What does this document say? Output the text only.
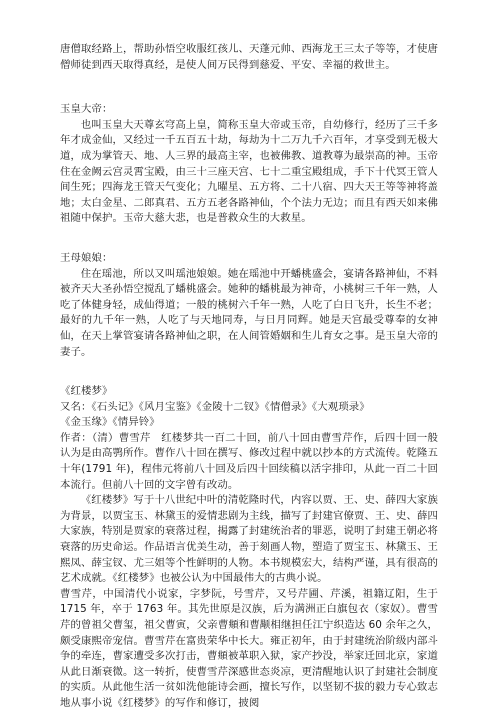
唐僧取经路上，帮助孙悟空收服红孩儿、天蓬元帅、西海龙王三太子等等，才使唐僧师徒到西天取得真经，是使人间万民得到慈爱、平安、幸福的救世主。

玉皇大帝：

也叫玉皇大天尊玄穹高上皇，简称玉皇大帝或玉帝，自幼修行，经历了三千多年才成金仙，又经过一千五百五十劫，每劫为十二万九千六百年，才享受到无极大道，成为掌管天、地、人三界的最高主宰，也被佛教、道教尊为最崇高的神。玉帝住在金阙云宫灵霄宝殿，由三十三座天宫、七十二重宝殿组成，手下十代冥王管人间生死；四海龙王管天气变化；九曜星、五方将、二十八宿、四大天王等等神将盖地；太白金星、二郎真君、五方五老各路神仙，个个法力无边；而且有西天如来佛祖随中保护。玉帝大慈大悲，也是普救众生的大救星。

王母娘娘：

住在瑶池，所以又叫瑶池娘娘。她在瑶池中开蟠桃盛会，宴请各路神仙，不料被齐天大圣孙悟空搅乱了蟠桃盛会。她种的蟠桃最为神奇，小桃树三千年一熟，人吃了体健身轻，成仙得道；一般的桃树六千年一熟，人吃了白日飞升，长生不老；最好的九千年一熟，人吃了与天地同寿，与日月同辉。她是天宫最受尊奉的女神仙，在天上掌管宴请各路神仙之职，在人间管婚姻和生儿育女之事。是玉皇大帝的妻子。

《红楼梦》

又名：《石头记》《风月宝鉴》《金陵十二钗》《情僧录》《大观琐录》

《金玉缘》《情异铃》

作者：（清）曹雪芹　红楼梦共一百二十回，前八十回由曹雪芹作，后四十回一般认为是由高鹗所作。曹作八十回在撰写、修改过程中就以抄本的方式流传。乾隆五十年(1791 年)，程伟元将前八十回及后四十回续稿以活字排印，从此一百二十回本流行。但前八十回的文字曾有改动。

《红楼梦》写于十八世纪中叶的清乾隆时代，内容以贾、王、史、薛四大家族为背景，以贾宝玉、林黛玉的爱情悲剧为主线，描写了封建官僚贾、王、史、薛四大家族，特别是贾家的衰落过程，揭露了封建统治者的罪恶，说明了封建王朝必将衰落的历史命运。作品语言优美生动，善于刻画人物，塑造了贾宝玉、林黛玉、王熙凤、薛宝钗、尤三姐等个性鲜明的人物。本书规模宏大，结构严谨，具有很高的艺术成就。《红楼梦》也被公认为中国最伟大的古典小说。

曹雪芹，中国清代小说家，字梦阮，号雪芹，又号芹圃、芹溪，祖籍辽阳，生于 1715 年，卒于 1763 年。其先世原是汉族，后为满洲正白旗包衣（家奴）。曹雪芹的曾祖父曹玺，祖父曹寅，父亲曹頫和曹颙相继担任江宁织造达 60 余年之久，颇受康熙帝宠信。曹雪芹在富贵荣华中长大。雍正初年，由于封建统治阶级内部斗争的牵连，曹家遭受多次打击，曹頫被革职入狱，家产抄没，举家迁回北京，家道从此日渐衰微。这一转折，使曹雪芹深感世态炎凉，更清醒地认识了封建社会制度的实质。从此他生活一贫如洗他能诗会画，擅长写作，以坚韧不拔的毅力专心致志地从事小说《红楼梦》的写作和修订，披阅
